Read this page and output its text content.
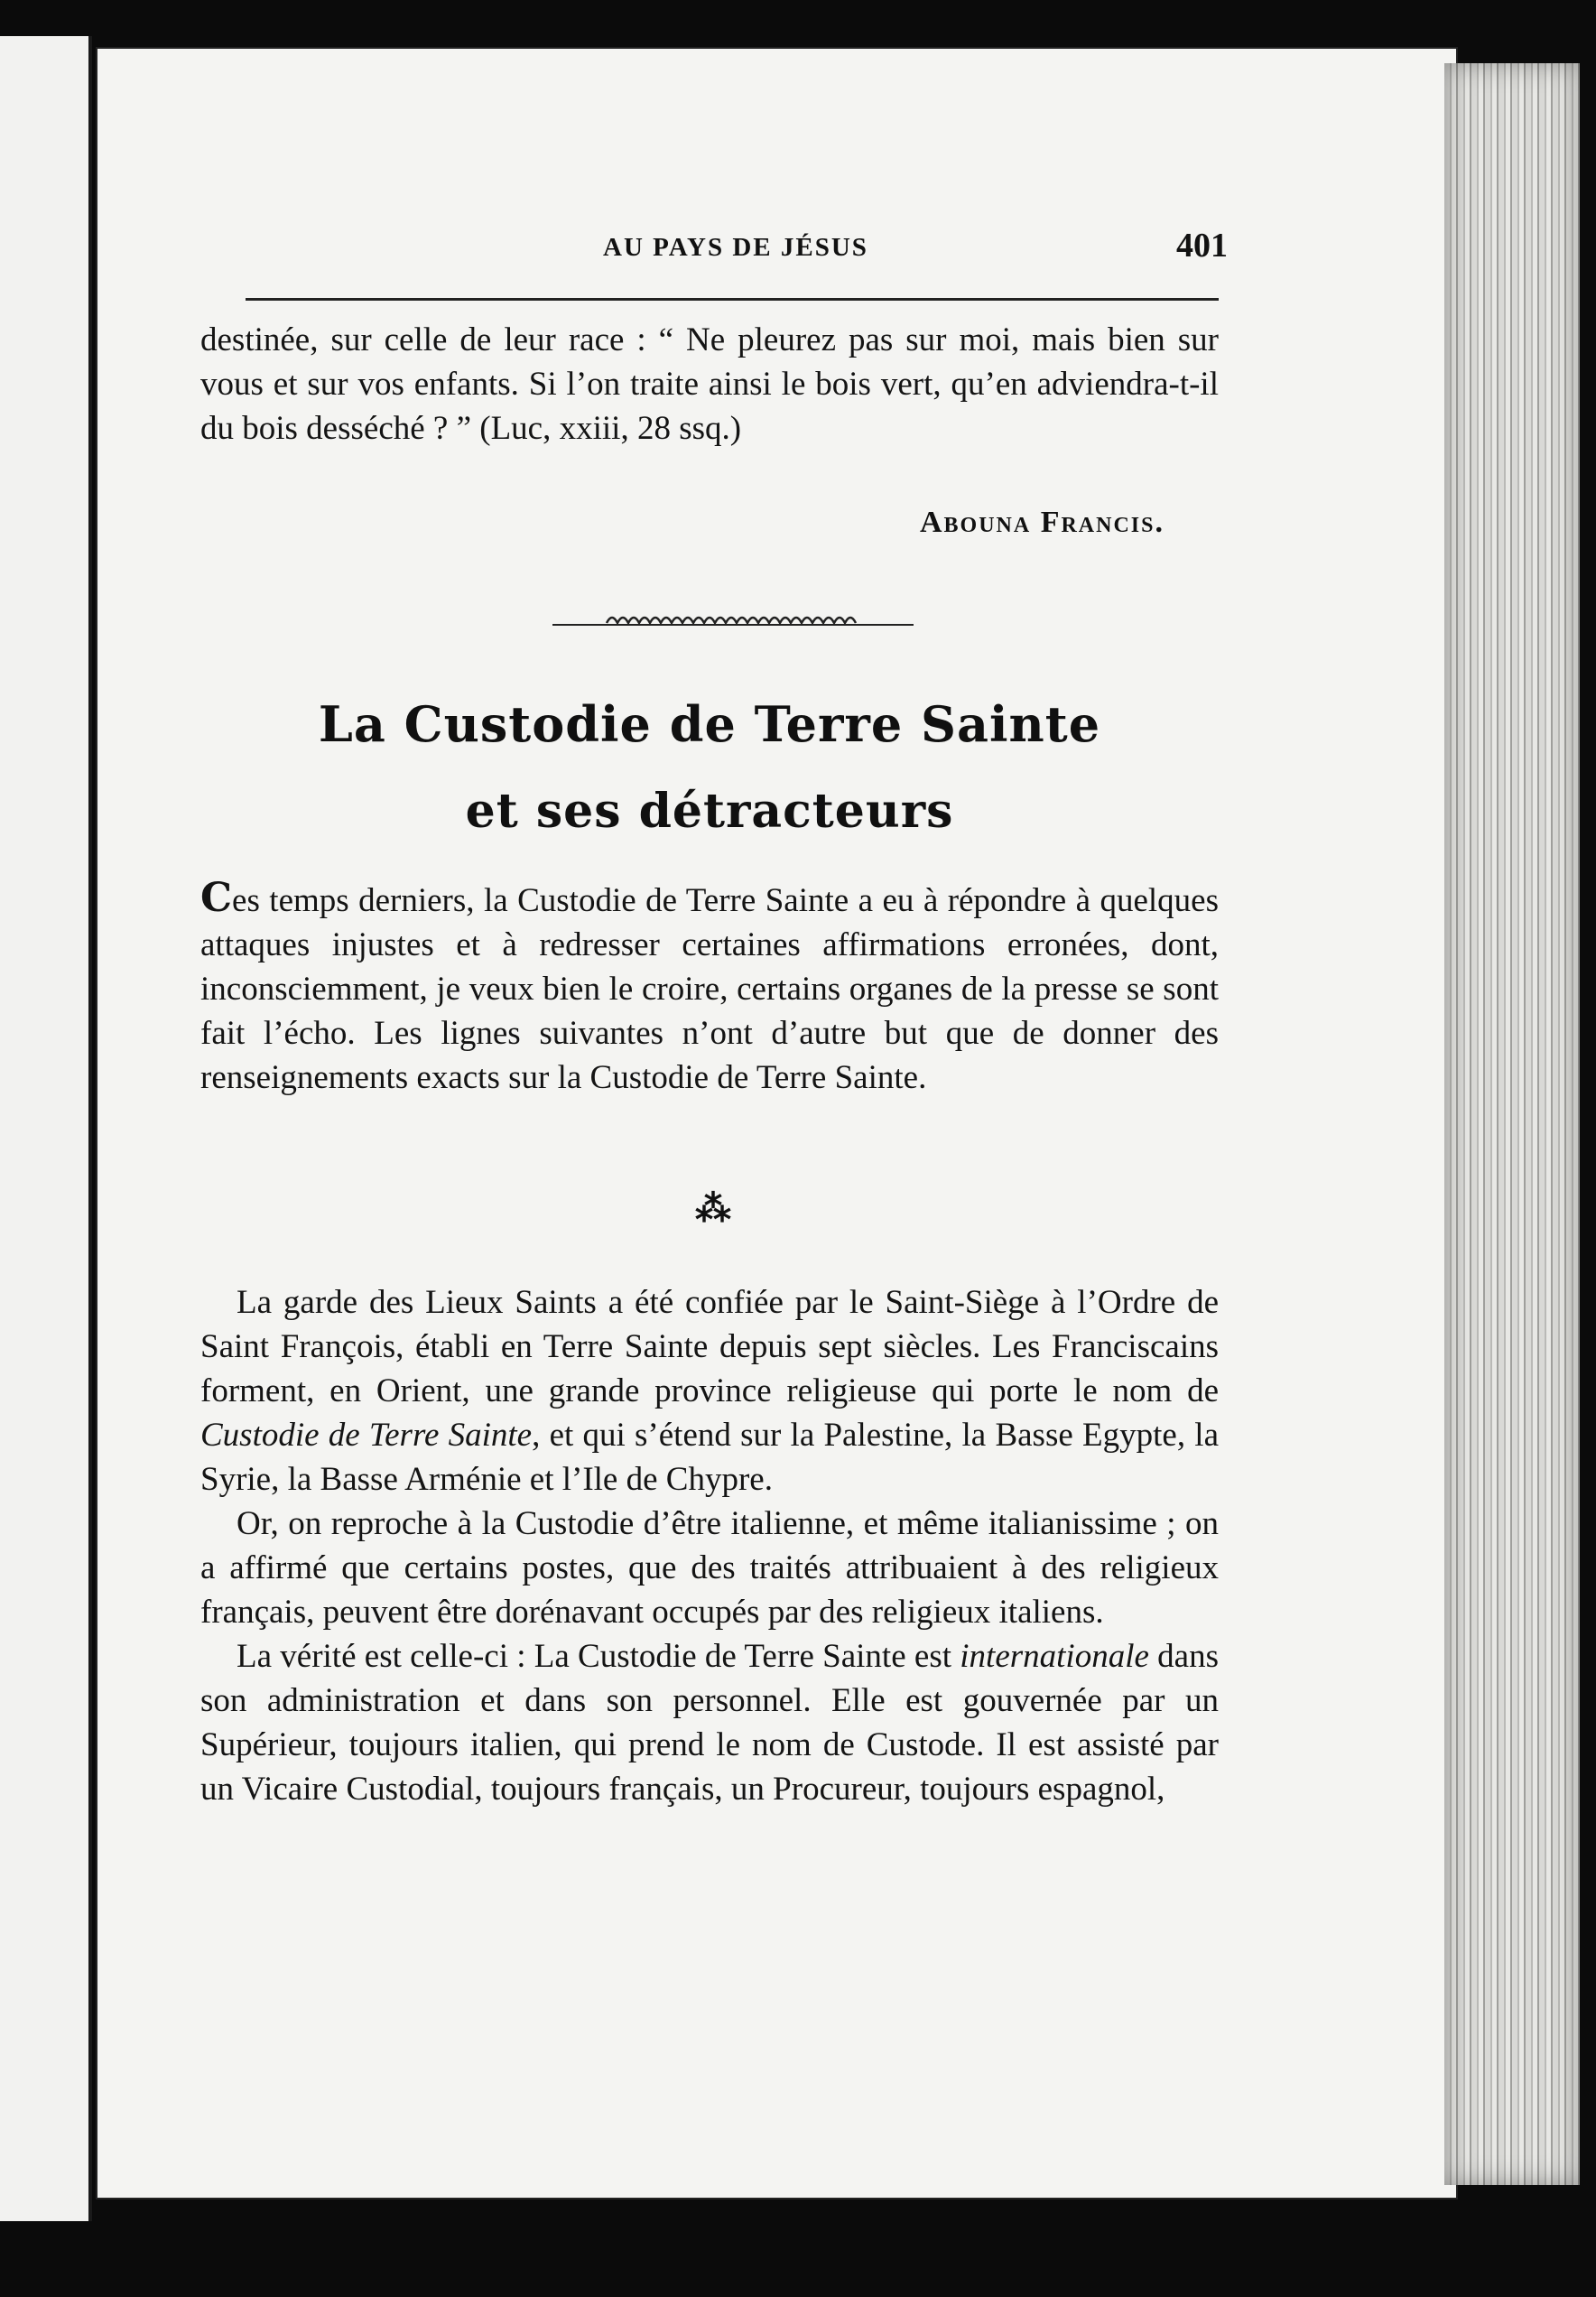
AU PAYS DE JÉSUS	401

destinée, sur celle de leur race : “ Ne pleurez pas sur moi, mais bien sur vous et sur vos enfants. Si l’on traite ainsi le bois vert, qu’en adviendra-t-il du bois desséché ? ” (Luc, xxiii, 28 ssq.)

Abouna Francis.
La Custodie de Terre Sainte
et ses détracteurs

Ces temps derniers, la Custodie de Terre Sainte a eu à répondre à quelques attaques injustes et à redresser certaines affirmations erronées, dont, inconsciemment, je veux bien le croire, certains organes de la presse se sont fait l’écho. Les lignes suivantes n’ont d’autre but que de donner des renseignements exacts sur la Custodie de Terre Sainte.

⁂

La garde des Lieux Saints a été confiée par le Saint-Siège à l’Ordre de Saint François, établi en Terre Sainte depuis sept siècles. Les Franciscains forment, en Orient, une grande province religieuse qui porte le nom de Custodie de Terre Sainte, et qui s’étend sur la Palestine, la Basse Egypte, la Syrie, la Basse Arménie et l’Ile de Chypre.

Or, on reproche à la Custodie d’être italienne, et même italianissime ; on a affirmé que certains postes, que des traités attribuaient à des religieux français, peuvent être dorénavant occupés par des religieux italiens.

La vérité est celle-ci : La Custodie de Terre Sainte est internationale dans son administration et dans son personnel. Elle est gouvernée par un Supérieur, toujours italien, qui prend le nom de Custode. Il est assisté par un Vicaire Custodial, toujours français, un Procureur, toujours espagnol,
